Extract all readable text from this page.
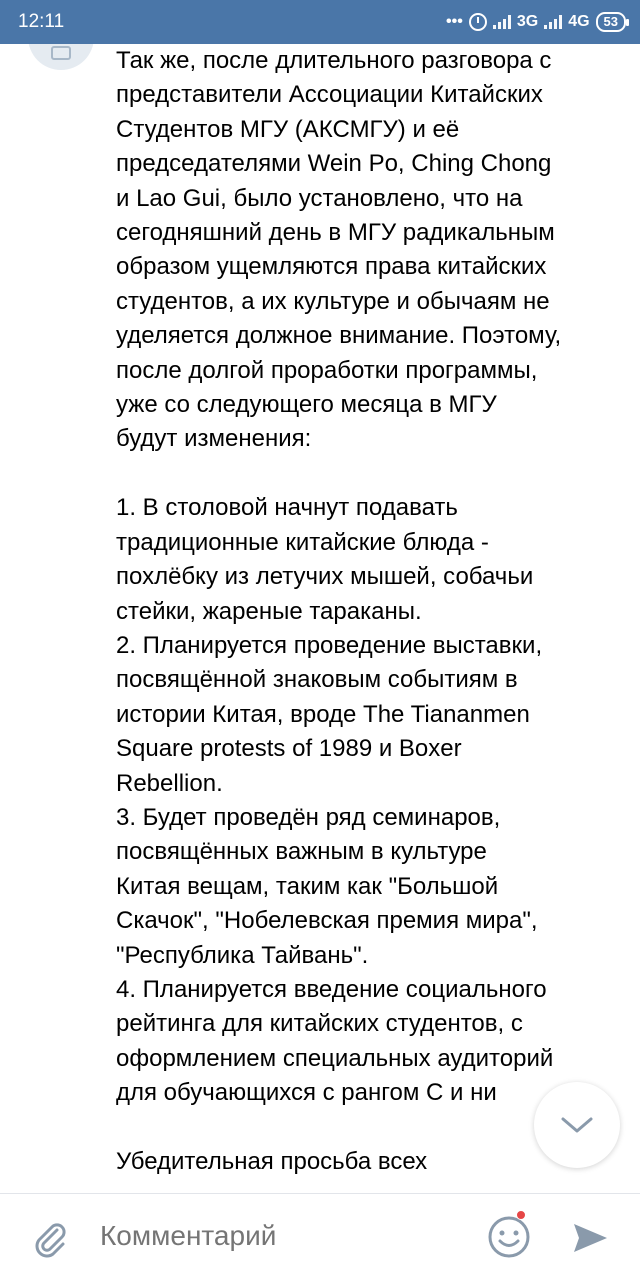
12:11	•••	3G 4G 53
Так же, после длительного разговора с
представители Ассоциации Китайских
Студентов МГУ (АКСМГУ) и её
председателями Wein Po, Ching Chong
и Lao Gui, было установлено, что на
сегодняшний день в МГУ радикальным
образом ущемляются права китайских
студентов, а их культуре и обычаям не
уделяется должное внимание. Поэтому,
после долгой проработки программы,
уже со следующего месяца в МГУ
будут изменения:

1. В столовой начнут подавать
традиционные китайские блюда -
похлёбку из летучих мышей, собачьи
стейки, жареные тараканы.
2. Планируется проведение выставки,
посвящённой знаковым событиям в
истории Китая, вроде The Tiananmen
Square protests of 1989 и Boxer
Rebellion.
3. Будет проведён ряд семинаров,
посвящённых важным в культуре
Китая вещам, таким как "Большой
Скачок", "Нобелевская премия мира",
"Республика Тайвань".
4. Планируется введение социального
рейтинга для китайских студентов, с
оформлением специальных аудиторий
для обучающихся с рангом C и ни

Убедительная просьба всех
Комментарий
